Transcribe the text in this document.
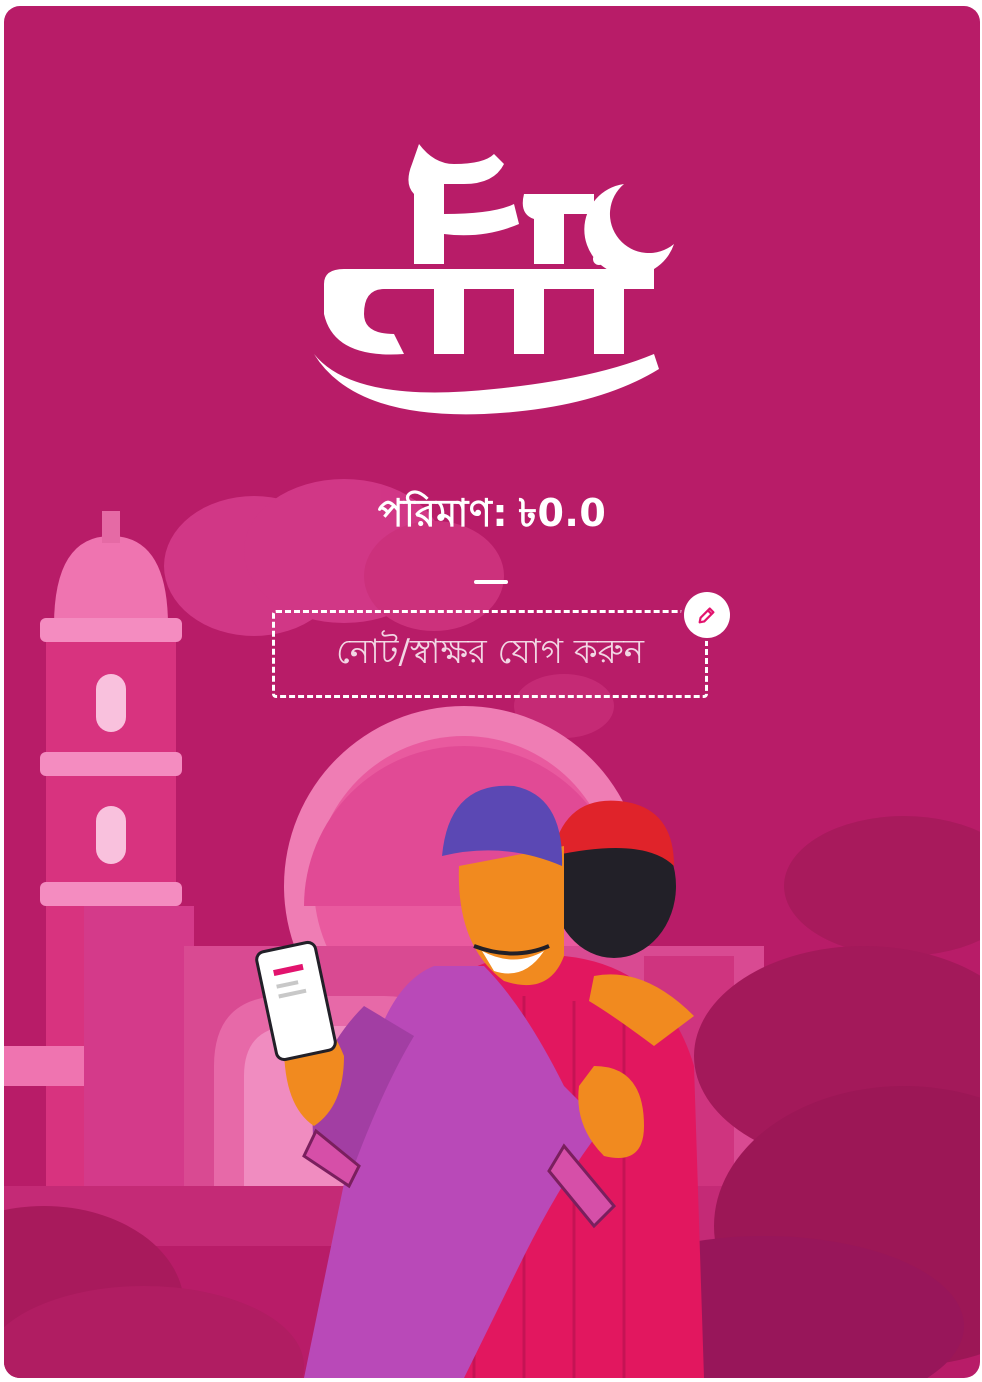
পরিমাণ: ৳0.0
নোট/স্বাক্ষর যোগ করুন
